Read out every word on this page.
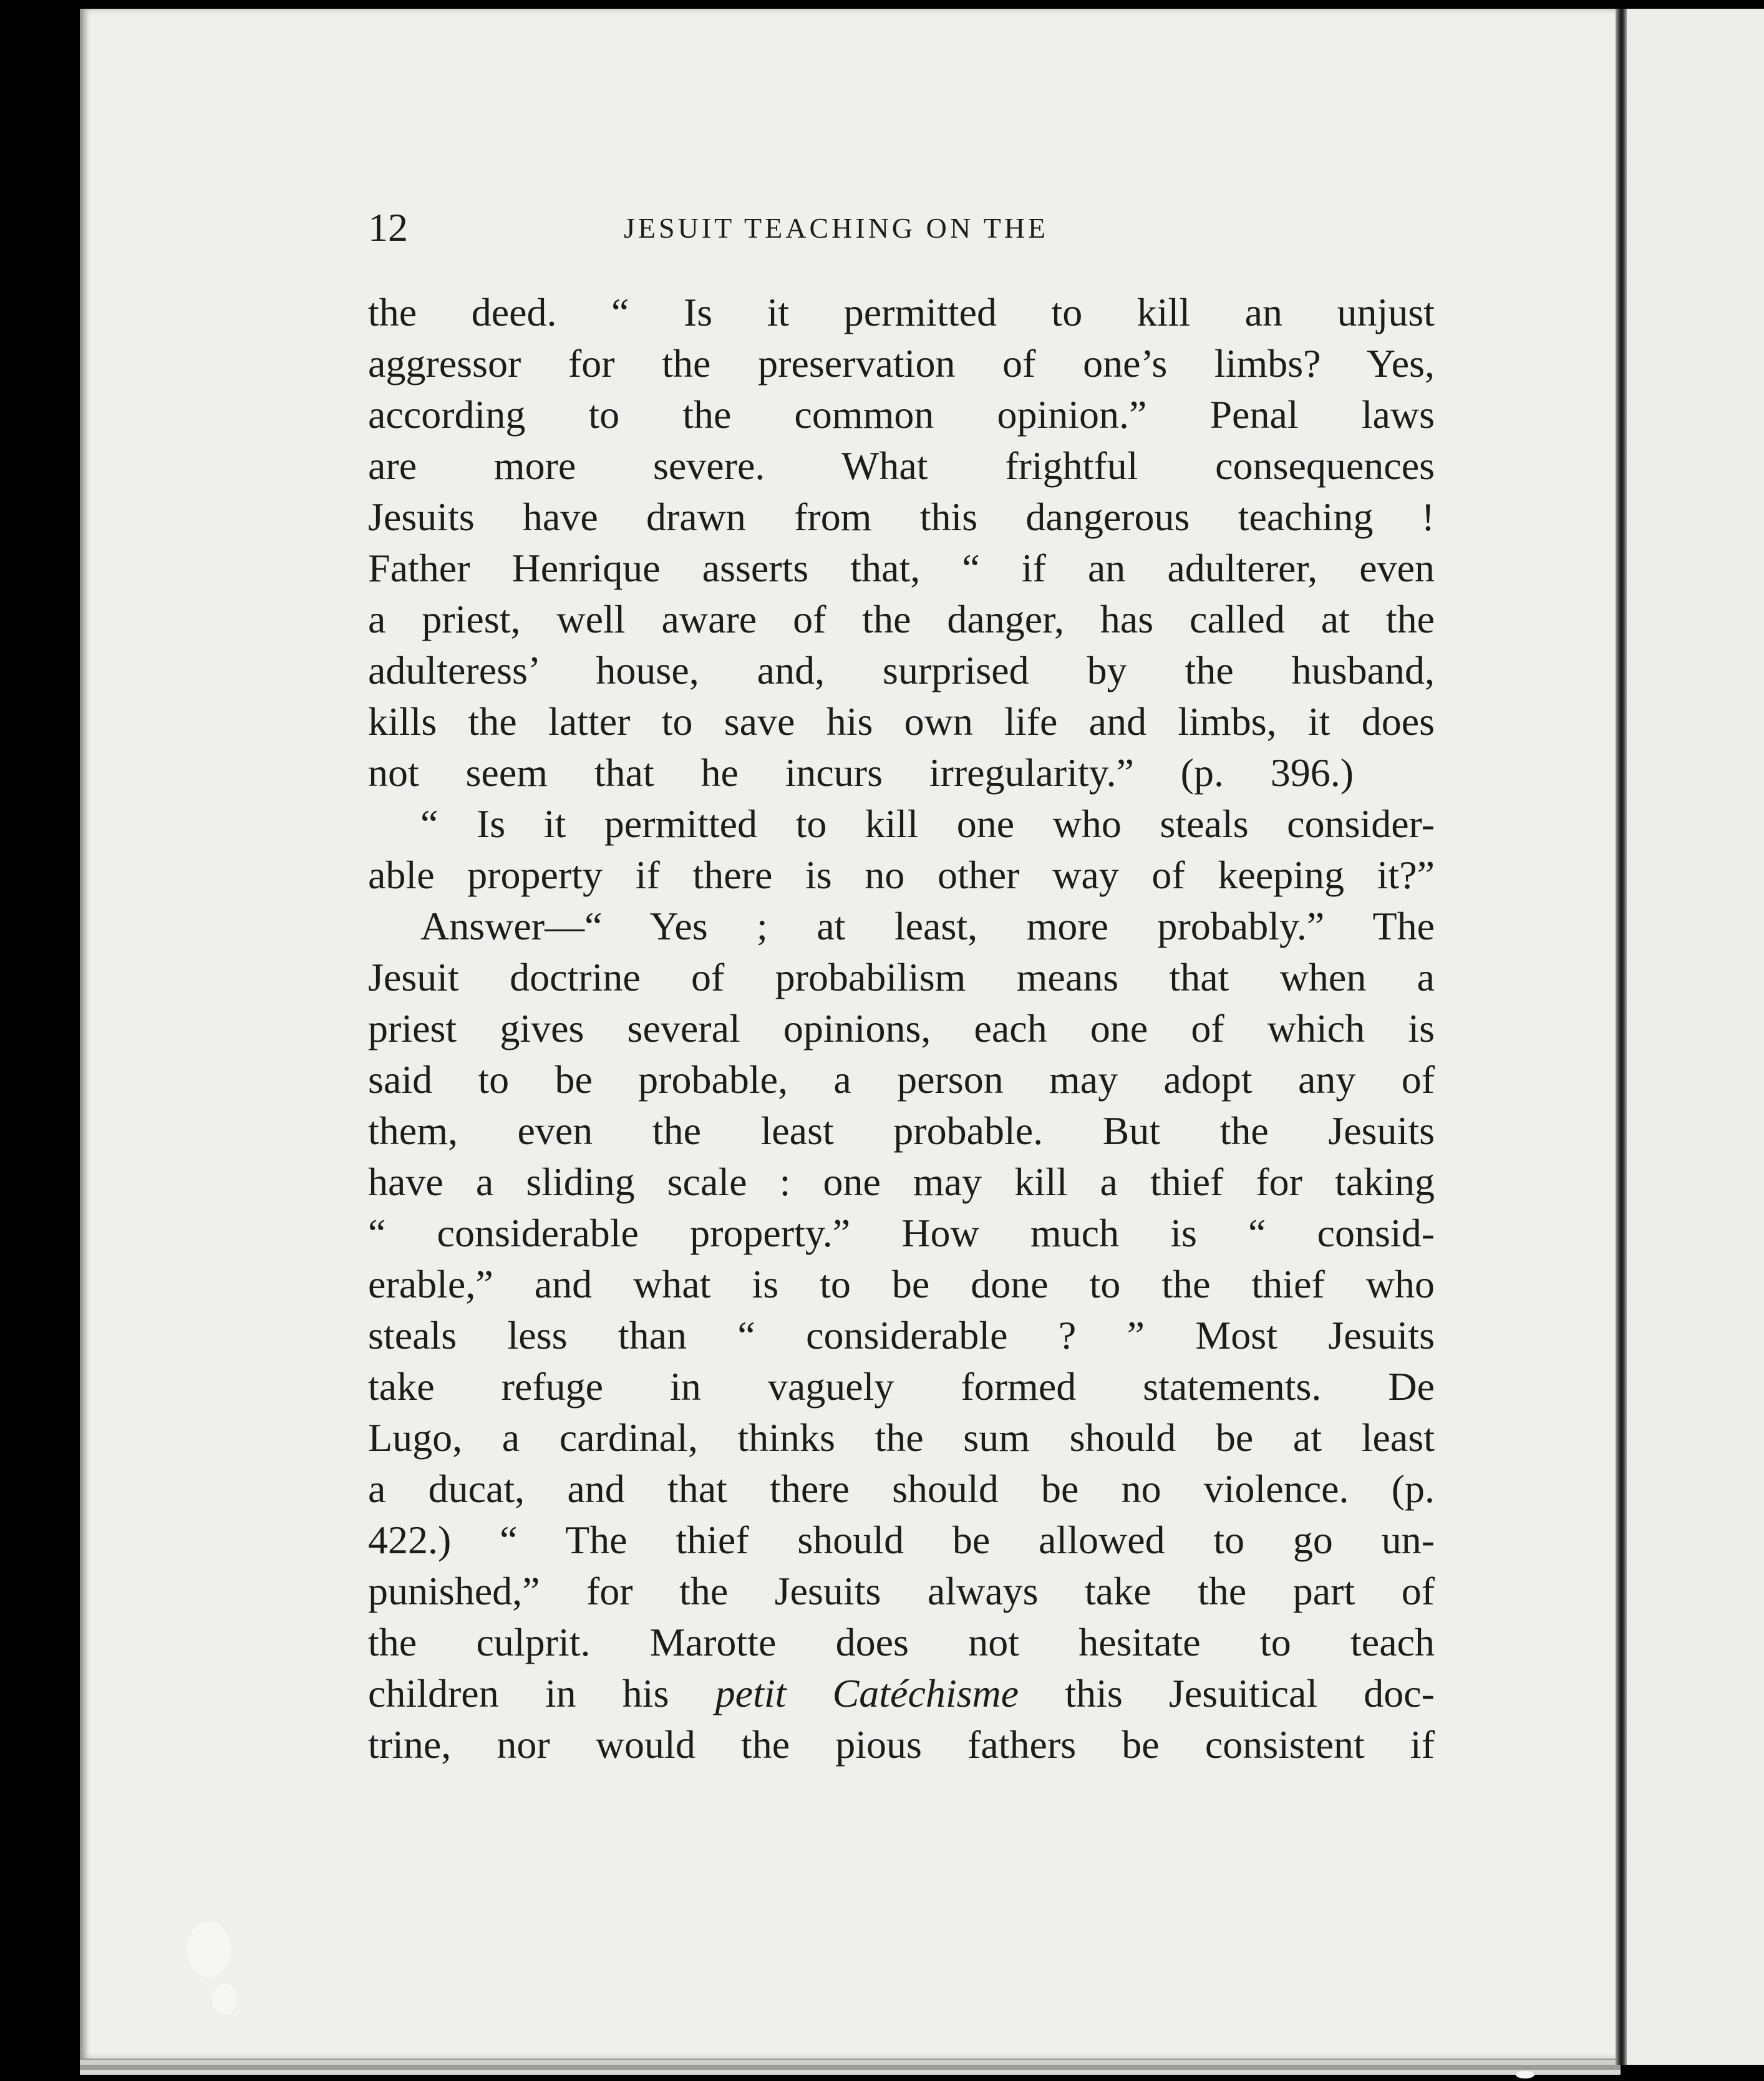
12	JESUIT TEACHING ON THE
the deed. “ Is it permitted to kill an unjust
aggressor for the preservation of one’s limbs? Yes,
according to the common opinion.” Penal laws
are more severe. What frightful consequences
Jesuits have drawn from this dangerous teaching !
Father Henrique asserts that, “ if an adulterer, even
a priest, well aware of the danger, has called at the
adulteress’ house, and, surprised by the husband,
kills the latter to save his own life and limbs, it does
not seem that he incurs irregularity.” (p. 396.)
“ Is it permitted to kill one who steals consider-
able property if there is no other way of keeping it?”
Answer—“ Yes ; at least, more probably.” The
Jesuit doctrine of probabilism means that when a
priest gives several opinions, each one of which is
said to be probable, a person may adopt any of
them, even the least probable. But the Jesuits
have a sliding scale : one may kill a thief for taking
“ considerable property.” How much is “ consid-
erable,” and what is to be done to the thief who
steals less than “ considerable ? ” Most Jesuits
take refuge in vaguely formed statements. De
Lugo, a cardinal, thinks the sum should be at least
a ducat, and that there should be no violence. (p.
422.) “ The thief should be allowed to go un-
punished,” for the Jesuits always take the part of
the culprit. Marotte does not hesitate to teach
children in his petit Catéchisme this Jesuitical doc-
trine, nor would the pious fathers be consistent if
